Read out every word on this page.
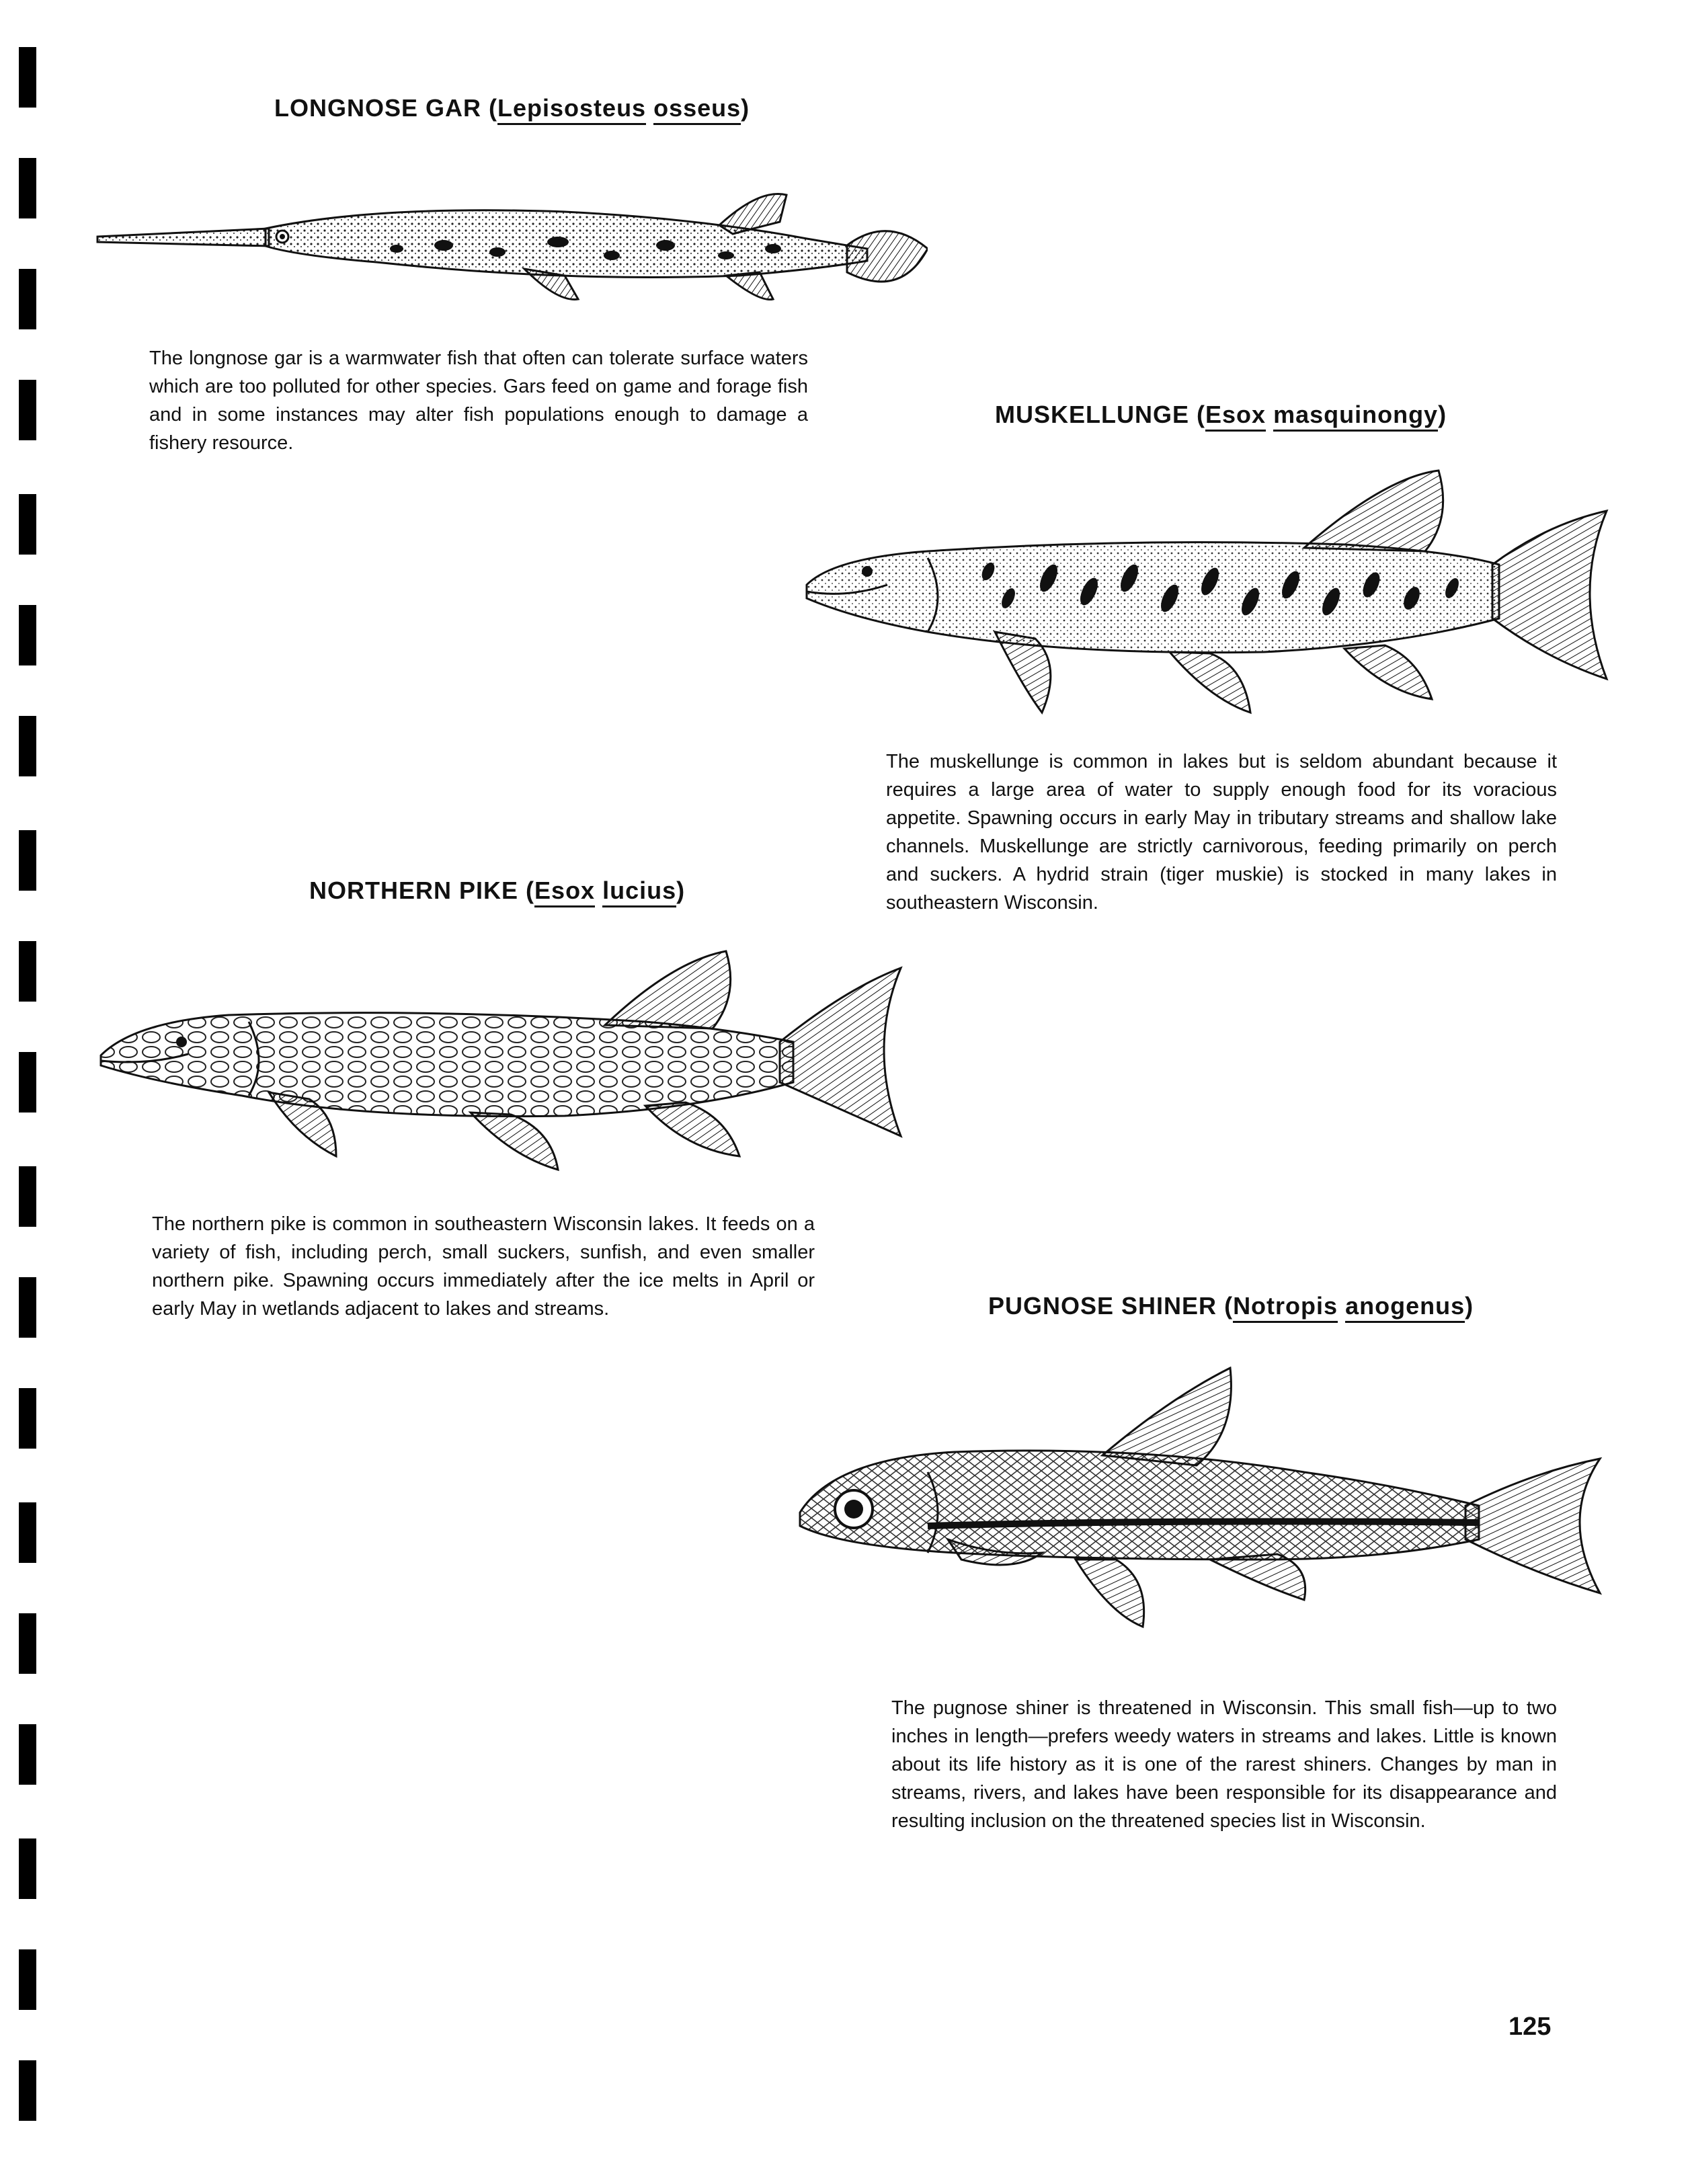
LONGNOSE GAR (Lepisosteus osseus)
The longnose gar is a warmwater fish that often can tolerate surface waters which are too polluted for other species. Gars feed on game and forage fish and in some instances may alter fish populations enough to damage a fishery resource.
MUSKELLUNGE (Esox masquinongy)
The muskellunge is common in lakes but is seldom abundant because it requires a large area of water to supply enough food for its voracious appetite. Spawning occurs in early May in tributary streams and shallow lake channels. Muskellunge are strictly carnivorous, feeding primarily on perch and suckers. A hydrid strain (tiger muskie) is stocked in many lakes in southeastern Wisconsin.
NORTHERN PIKE (Esox lucius)
The northern pike is common in southeastern Wisconsin lakes. It feeds on a variety of fish, including perch, small suckers, sunfish, and even smaller northern pike. Spawning occurs immediately after the ice melts in April or early May in wetlands adjacent to lakes and streams.	PUGNOSE SHINER (Notropis anogenus)
The pugnose shiner is threatened in Wisconsin. This small fish—up to two inches in length—prefers weedy waters in streams and lakes. Little is known about its life history as it is one of the rarest shiners. Changes by man in streams, rivers, and lakes have been responsible for its disappearance and resulting inclusion on the threatened species list in Wisconsin.
125
